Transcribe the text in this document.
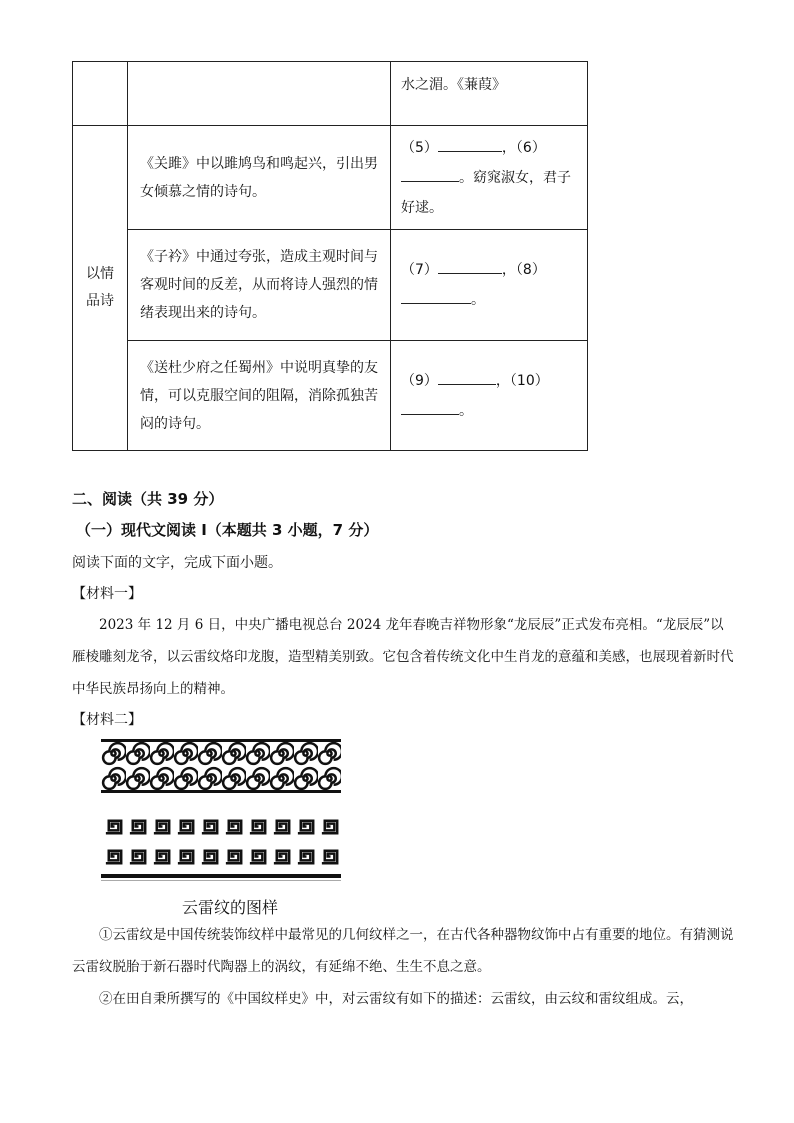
		水之湄。《蒹葭》
以情
品诗	《关雎》中以雎鸠鸟和鸣起兴，引出男女倾慕之情的诗句。	（5） ，（6）
。窈窕淑女，君子好逑。
	《子衿》中通过夸张，造成主观时间与客观时间的反差，从而将诗人强烈的情绪表现出来的诗句。	（7） ，（8）
。
	《送杜少府之任蜀州》中说明真挚的友情，可以克服空间的阻隔，消除孤独苦闷的诗句。	（9） ，（10）
。
二、阅读（共 39 分）
（一）现代文阅读 I（本题共 3 小题，7 分）
阅读下面的文字，完成下面小题。
【材料一】
2023 年 12 月 6 日，中央广播电视总台 2024 龙年春晚吉祥物形象“龙辰辰”正式发布亮相。“龙辰辰”以雁棱雕刻龙爷，以云雷纹烙印龙腹，造型精美别致。它包含着传统文化中生肖龙的意蕴和美感，也展现着新时代中华民族昂扬向上的精神。
【材料二】
云雷纹的图样
①云雷纹是中国传统装饰纹样中最常见的几何纹样之一，在古代各种器物纹饰中占有重要的地位。有猜测说云雷纹脱胎于新石器时代陶器上的涡纹，有延绵不绝、生生不息之意。
②在田自秉所撰写的《中国纹样史》中，对云雷纹有如下的描述：云雷纹，由云纹和雷纹组成。云，
